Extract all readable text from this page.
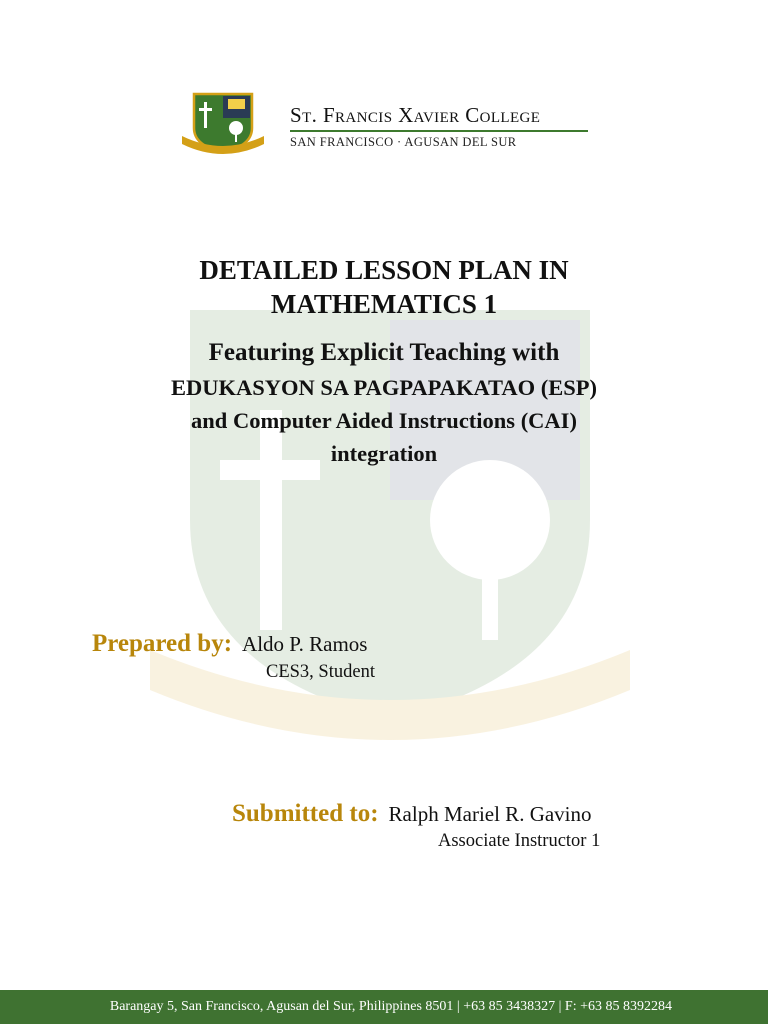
St. Francis Xavier College
SAN FRANCISCO · AGUSAN DEL SUR
DETAILED LESSON PLAN IN
MATHEMATICS 1
Featuring Explicit Teaching with
EDUKASYON SA PAGPAPAKATAO (ESP)
and Computer Aided Instructions (CAI)
integration
Prepared by: Aldo P. Ramos
CES3, Student
Submitted to: Ralph Mariel R. Gavino
Associate Instructor 1
Barangay 5, San Francisco, Agusan del Sur, Philippines 8501 | +63 85 3438327 | F: +63 85 8392284
